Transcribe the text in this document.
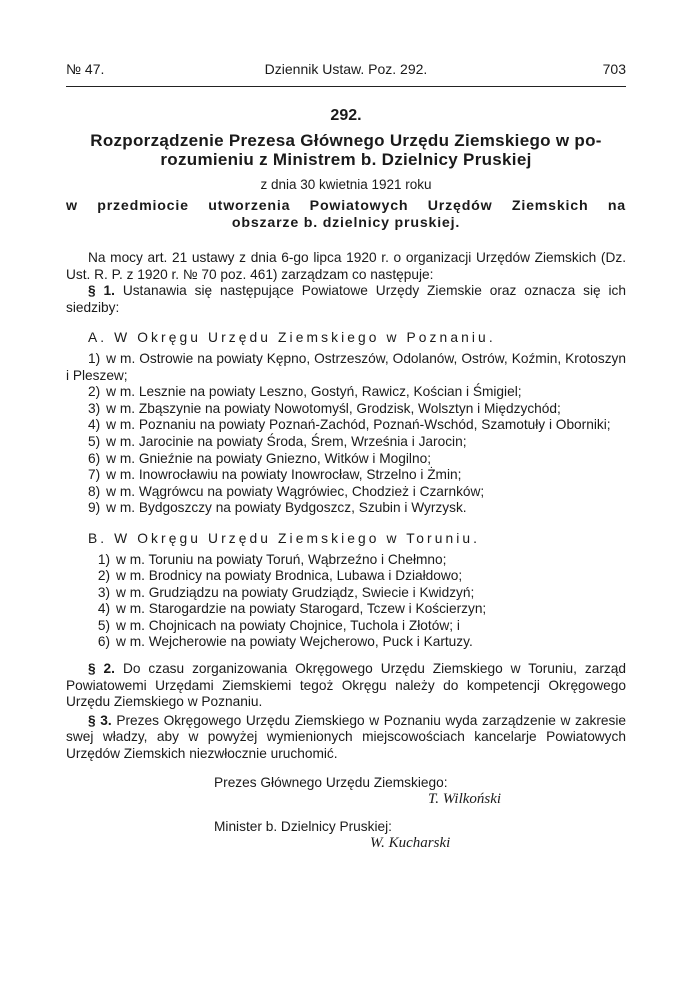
№ 47.	Dziennik Ustaw. Poz. 292.	703
292.
Rozporządzenie Prezesa Głównego Urzędu Ziemskiego w po-
rozumieniu z Ministrem b. Dzielnicy Pruskiej
z dnia 30 kwietnia 1921 roku
w przedmiocie utworzenia Powiatowych Urzędów Ziemskich na
obszarze b. dzielnicy pruskiej.
Na mocy art. 21 ustawy z dnia 6-go lipca 1920 r. o organizacji Urzędów Ziemskich (Dz. Ust. R. P. z 1920 r. № 70 poz. 461) zarządzam co następuje:
§ 1. Ustanawia się następujące Powiatowe Urzędy Ziemskie oraz oznacza się ich siedziby:
A. W Okręgu Urzędu Ziemskiego w Poznaniu.
1) w m. Ostrowie na powiaty Kępno, Ostrzeszów, Odolanów, Ostrów, Koźmin, Krotoszyn i Pleszew;
2) w m. Lesznie na powiaty Leszno, Gostyń, Rawicz, Kościan i Śmigiel;
3) w m. Zbąszynie na powiaty Nowotomyśl, Grodzisk, Wolsztyn i Międzychód;
4) w m. Poznaniu na powiaty Poznań-Zachód, Poznań-Wschód, Szamotuły i Oborniki;
5) w m. Jarocinie na powiaty Środa, Śrem, Września i Jarocin;
6) w m. Gnieźnie na powiaty Gniezno, Witków i Mogilno;
7) w m. Inowrocławiu na powiaty Inowrocław, Strzelno i Żmin;
8) w m. Wągrówcu na powiaty Wągrówiec, Chodzież i Czarnków;
9) w m. Bydgoszczy na powiaty Bydgoszcz, Szubin i Wyrzysk.
B. W Okręgu Urzędu Ziemskiego w Toruniu.
1) w m. Toruniu na powiaty Toruń, Wąbrzeźno i Chełmno;
2) w m. Brodnicy na powiaty Brodnica, Lubawa i Działdowo;
3) w m. Grudziądzu na powiaty Grudziądz, Swiecie i Kwidzyń;
4) w m. Starogardzie na powiaty Starogard, Tczew i Kościerzyn;
5) w m. Chojnicach na powiaty Chojnice, Tuchola i Złotów; i
6) w m. Wejcherowie na powiaty Wejcherowo, Puck i Kartuzy.
§ 2. Do czasu zorganizowania Okręgowego Urzędu Ziemskiego w Toruniu, zarząd Powiatowemi Urzędami Ziemskiemi tegoż Okręgu należy do kompetencji Okręgowego Urzędu Ziemskiego w Poznaniu.
§ 3. Prezes Okręgowego Urzędu Ziemskiego w Poznaniu wyda zarządzenie w zakresie swej władzy, aby w powyżej wymienionych miejscowościach kancelarje Powiatowych Urzędów Ziemskich niezwłocznie uruchomić.
Prezes Głównego Urzędu Ziemskiego:
T. Wilkoński
Minister b. Dzielnicy Pruskiej:
W. Kucharski
